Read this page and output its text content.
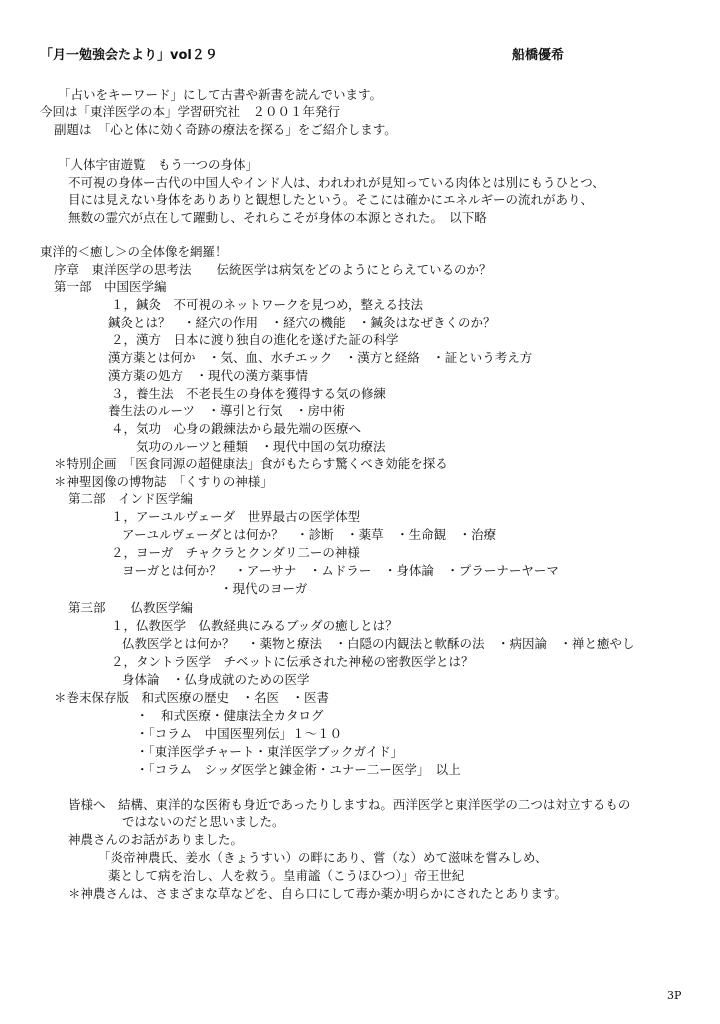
「月一勉強会たより」vol２９	船橋優希
「占いをキーワード」にして古書や新書を読んでいます。
今回は「東洋医学の本」学習研究社　２００１年発行
副題は　「心と体に効く奇跡の療法を探る」をご紹介します。
「人体宇宙遊覧　もう一つの身体」
不可視の身体ー古代の中国人やインド人は、われわれが見知っている肉体とは別にもうひとつ、
目には見えない身体をありありと観想したという。そこには確かにエネルギーの流れがあり、
無数の霊穴が点在して躍動し、それらこそが身体の本源とされた。　以下略
東洋的＜癒し＞の全体像を網羅！
序章　東洋医学の思考法　　伝統医学は病気をどのようにとらえているのか？
第一部　中国医学編
１，鍼灸　不可視のネットワークを見つめ，整える技法
鍼灸とは？　・経穴の作用　・経穴の機能　・鍼灸はなぜきくのか？
２，漢方　日本に渡り独自の進化を遂げた証の科学
漢方薬とは何か　・気、血、水チエック　・漢方と経絡　・証という考え方
漢方薬の処方　・現代の漢方薬事情
３，養生法　不老長生の身体を獲得する気の修練
養生法のルーツ　・導引と行気　・房中術
４，気功　心身の鍛練法から最先端の医療へ
気功のルーツと種類　・現代中国の気功療法
＊特別企画　「医食同源の超健康法」食がもたらす驚くべき効能を探る
＊神聖図像の博物誌　「くすりの神様」
第二部　インド医学編
１，アーユルヴェーダ　世界最古の医学体型
アーユルヴェーダとは何か？　・診断　・薬草　・生命観　・治療
２，ヨーガ　チャクラとクンダリ二ーの神様
ヨーガとは何か？　・アーサナ　・ムドラー　・身体論　・プラーナーヤーマ
・現代のヨーガ
第三部　　仏教医学編
１，仏教医学　仏教経典にみるブッダの癒しとは？
仏教医学とは何か？　・薬物と療法　・白隠の内観法と軟酥の法　・病因論　・禅と癒やし
２，タントラ医学　チベットに伝承された神秘の密教医学とは？
身体論　・仏身成就のための医学
＊巻末保存版　和式医療の歴史　・名医　・医書
・　和式医療・健康法全カタログ
・「コラム　中国医聖列伝」１～１０
・「東洋医学チャート・東洋医学ブックガイド」
・「コラム　シッダ医学と錬金術・ユナー二ー医学」　以上
皆様へ　結構、東洋的な医術も身近であったりしますね。西洋医学と東洋医学の二つは対立するもの
ではないのだと思いました。
神農さんのお話がありました。
「炎帝神農氏、姜水（きょうすい）の畔にあり、嘗（な）めて滋味を嘗みしめ、
薬として病を治し、人を救う。皇甫謐（こうほひつ）」帝王世紀
＊神農さんは、さまざまな草などを、自ら口にして毒か薬か明らかにされたとあります。
3P
